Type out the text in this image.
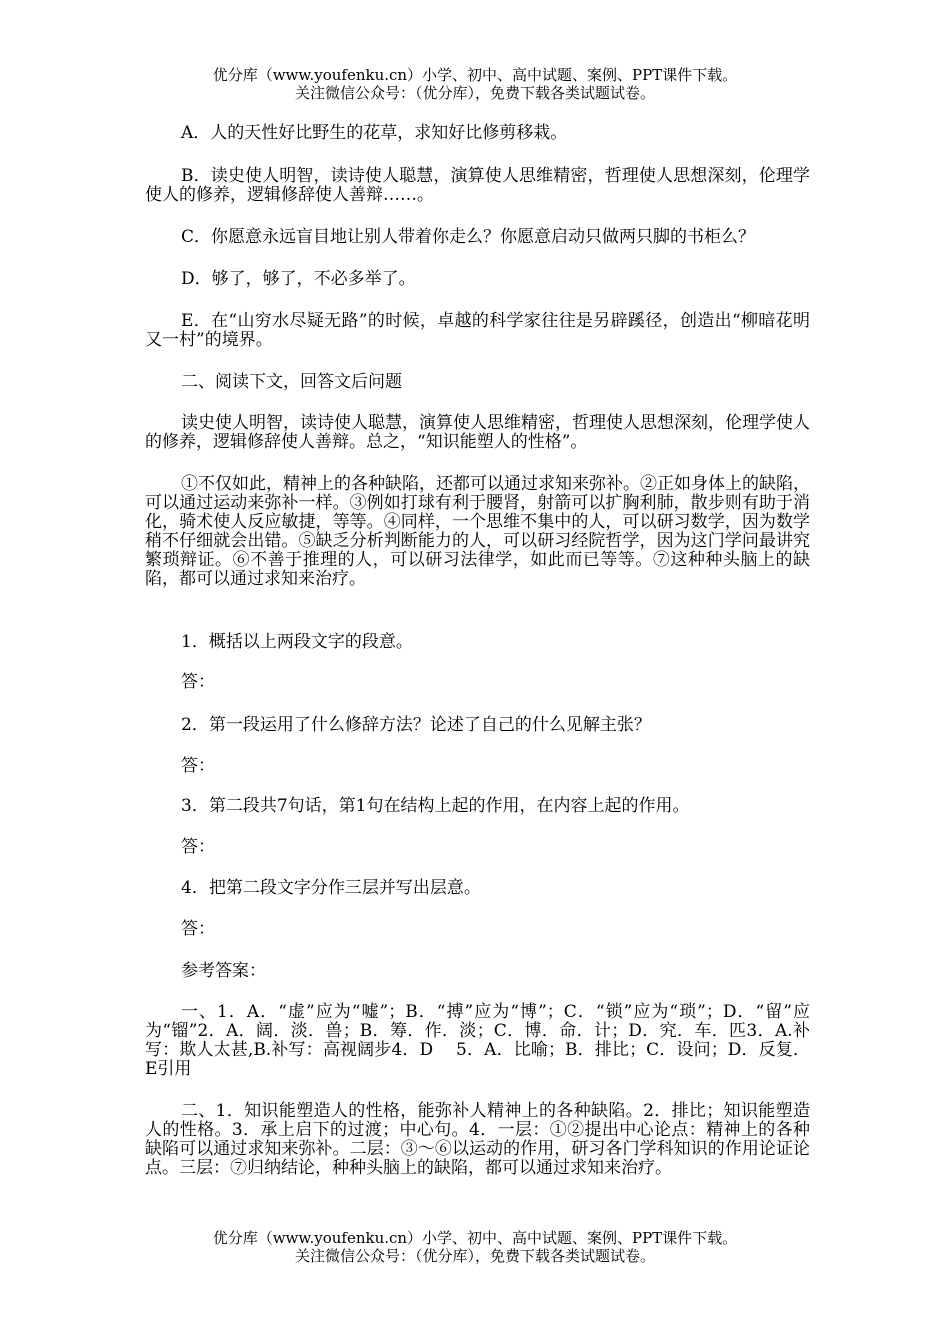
优分库（www.youfenku.cn）小学、初中、高中试题、案例、PPT课件下载。
关注微信公众号：（优分库），免费下载各类试题试卷。

A．人的天性好比野生的花草，求知好比修剪移栽。

B．读史使人明智，读诗使人聪慧，演算使人思维精密，哲理使人思想深刻，伦理学使人的修养，逻辑修辞使人善辩……。

C．你愿意永远盲目地让别人带着你走么？你愿意启动只做两只脚的书柜么？

D．够了，够了，不必多举了。

E．在“山穷水尽疑无路”的时候，卓越的科学家往往是另辟蹊径，创造出“柳暗花明又一村”的境界。

二、阅读下文，回答文后问题

读史使人明智，读诗使人聪慧，演算使人思维精密，哲理使人思想深刻，伦理学使人的修养，逻辑修辞使人善辩。总之，“知识能塑人的性格”。

①不仅如此，精神上的各种缺陷，还都可以通过求知来弥补。②正如身体上的缺陷，可以通过运动来弥补一样。③例如打球有利于腰肾，射箭可以扩胸利肺，散步则有助于消化，骑术使人反应敏捷，等等。④同样，一个思维不集中的人，可以研习数学，因为数学稍不仔细就会出错。⑤缺乏分析判断能力的人，可以研习经院哲学，因为这门学问最讲究繁琐辩证。⑥不善于推理的人，可以研习法律学，如此而已等等。⑦这种种头脑上的缺陷，都可以通过求知来治疗。

1．概括以上两段文字的段意。

答：

2．第一段运用了什么修辞方法？论述了自己的什么见解主张？

答：

3．第二段共7句话，第1句在结构上起的作用，在内容上起的作用。

答：

4．把第二段文字分作三层并写出层意。

答：

参考答案：

一、1．A．“虚”应为“嘘”；B．“搏”应为“博”；C．“锁”应为“琐”；D．“留”应为“镏”2．A．阔．淡．兽；B．筹．作．淡；C．博．命．计；D．究．车．匹3．A.补写：欺人太甚,B.补写：高视阔步4．D　 5．A．比喻；B．排比；C．设问；D．反复．E引用

二、1．知识能塑造人的性格，能弥补人精神上的各种缺陷。2．排比；知识能塑造人的性格。3．承上启下的过渡；中心句。4．一层：①②提出中心论点：精神上的各种缺陷可以通过求知来弥补。二层：③～⑥以运动的作用，研习各门学科知识的作用论证论点。三层：⑦归纳结论，种种头脑上的缺陷，都可以通过求知来治疗。

优分库（www.youfenku.cn）小学、初中、高中试题、案例、PPT课件下载。
关注微信公众号：（优分库），免费下载各类试题试卷。
